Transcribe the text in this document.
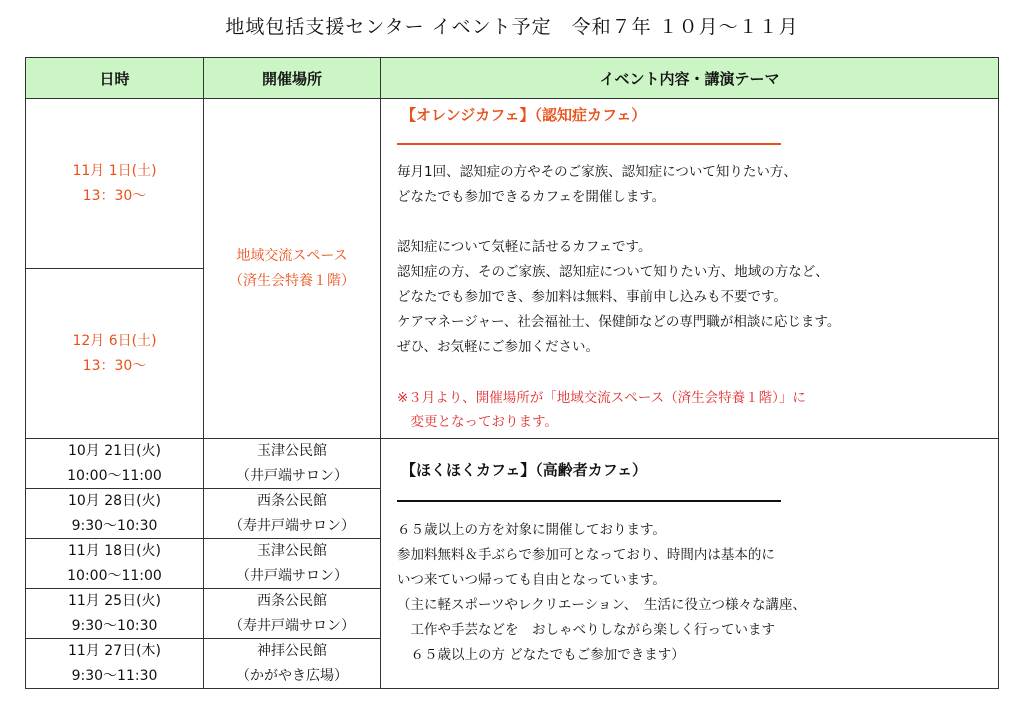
地域包括支援センター イベント予定　令和７年 １０月～１１月
日時	開催場所	イベント内容・講演テーマ
11月 1日(土)
13：30～
12月 6日(土)
13：30～
地域交流スペース
（済生会特養１階）
【オレンジカフェ】（認知症カフェ）
毎月1回、認知症の方やそのご家族、認知症について知りたい方、
どなたでも参加できるカフェを開催します。
認知症について気軽に話せるカフェです。
認知症の方、そのご家族、認知症について知りたい方、地域の方など、
どなたでも参加でき、参加料は無料、事前申し込みも不要です。
ケアマネージャー、社会福祉士、保健師などの専門職が相談に応じます。
ぜひ、お気軽にご参加ください。
※３月より、開催場所が「地域交流スペース（済生会特養１階）」に
　変更となっております。
10月 21日(火)
10:00～11:00
玉津公民館
（井戸端サロン）
10月 28日(火)
9:30～10:30
西条公民館
（寿井戸端サロン）
11月 18日(火)
10:00～11:00
玉津公民館
（井戸端サロン）
11月 25日(火)
9:30～10:30
西条公民館
（寿井戸端サロン）
11月 27日(木)
9:30～11:30
神拝公民館
（かがやき広場）
【ほくほくカフェ】（高齢者カフェ）
６５歳以上の方を対象に開催しております。
参加料無料＆手ぶらで参加可となっており、時間内は基本的に
いつ来ていつ帰っても自由となっています。
（主に軽スポーツやレクリエーション、　生活に役立つ様々な講座、
　工作や手芸などを　おしゃべりしながら楽しく行っています
　６５歳以上の方 どなたでもご参加できます）
